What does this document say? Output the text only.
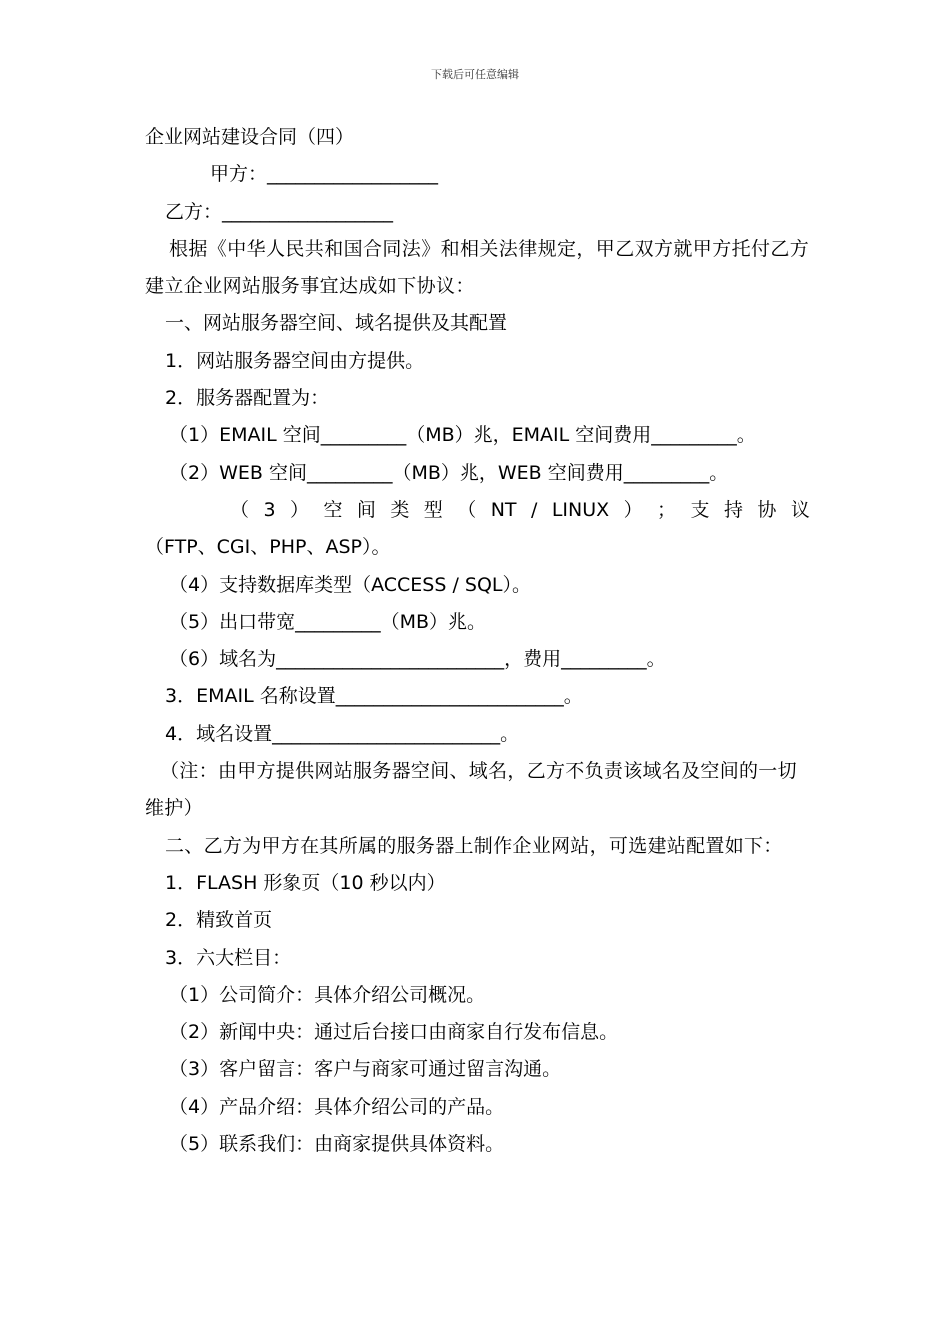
下载后可任意编辑

企业网站建设合同（四）

甲方：__________________

乙方：__________________

根据《中华人民共和国合同法》和相关法律规定，甲乙双方就甲方托付乙方建立企业网站服务事宜达成如下协议：

一、网站服务器空间、域名提供及其配置

1．网站服务器空间由方提供。

2．服务器配置为：

（1）EMAIL 空间_________（MB）兆，EMAIL 空间费用_________。

（2）WEB 空间_________（MB）兆，WEB 空间费用_________。

（ 3 ） 空 间 类 型 （ NT / LINUX ） ； 支 持 协 议

（FTP、CGI、PHP、ASP）。

（4）支持数据库类型（ACCESS / SQL）。

（5）出口带宽_________（MB）兆。

（6）域名为________________________，费用_________。

3．EMAIL 名称设置________________________。

4．域名设置________________________。

（注：由甲方提供网站服务器空间、域名，乙方不负责该域名及空间的一切维护）

二、乙方为甲方在其所属的服务器上制作企业网站，可选建站配置如下：

1．FLASH 形象页（10 秒以内）

2．精致首页

3．六大栏目：

（1）公司简介：具体介绍公司概况。

（2）新闻中央：通过后台接口由商家自行发布信息。

（3）客户留言：客户与商家可通过留言沟通。

（4）产品介绍：具体介绍公司的产品。

（5）联系我们：由商家提供具体资料。
